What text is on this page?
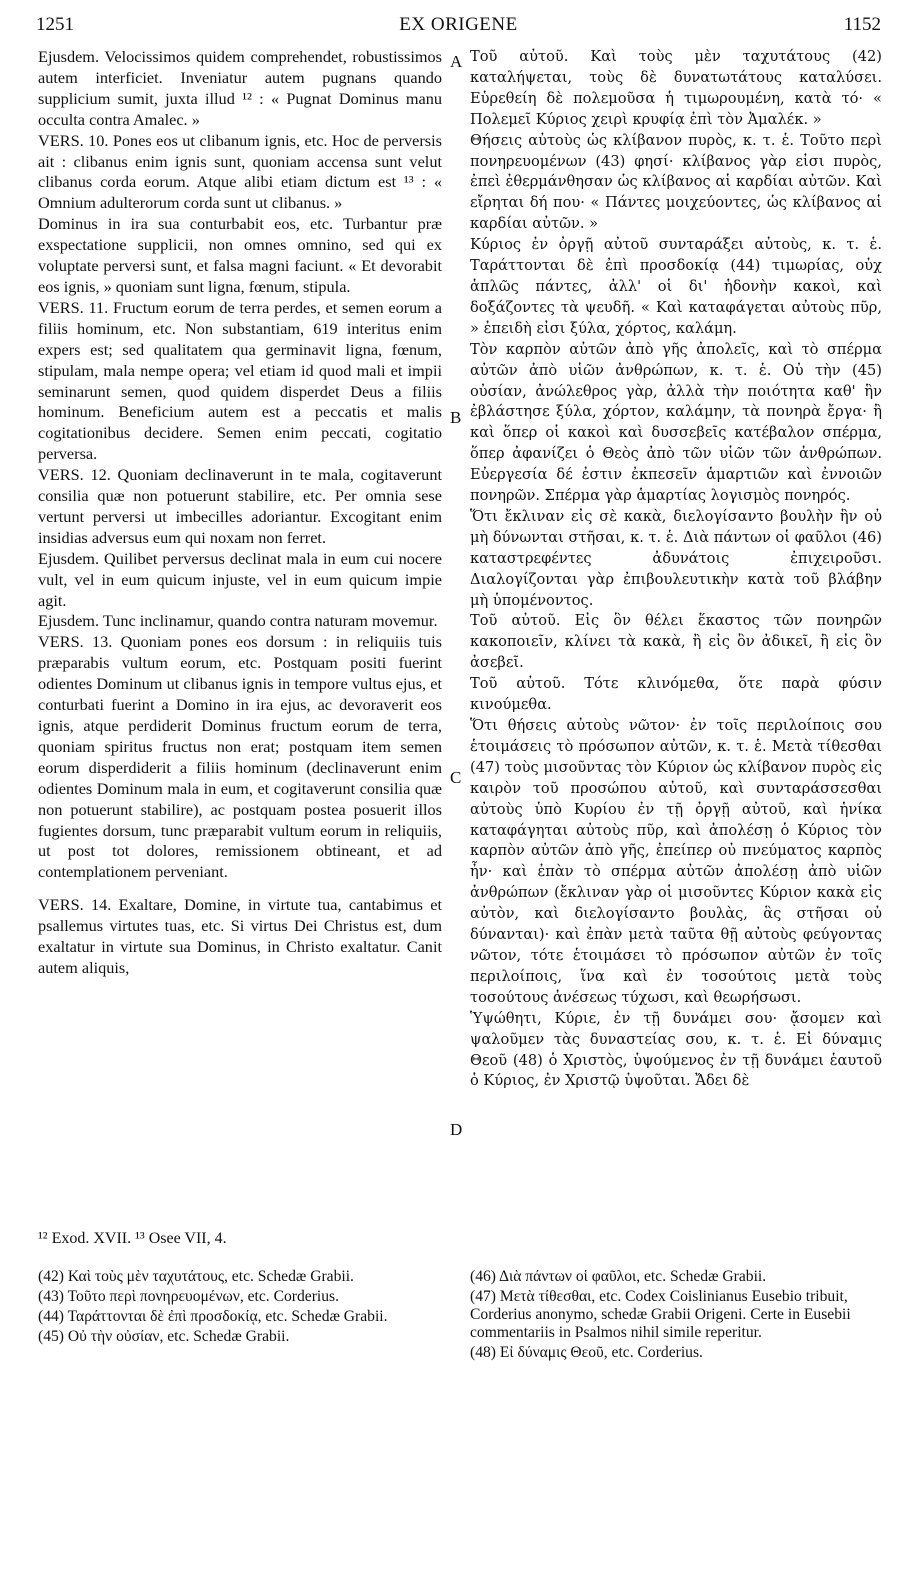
1251	EX ORIGENE	1152

Ejusdem. Velocissimos quidem comprehendet, robustissimos autem interficiet. Inveniatur autem pugnans quando supplicium sumit, juxta illud ¹² : « Pugnat Dominus manu occulta contra Amalec. »

VERS. 10. Pones eos ut clibanum ignis, etc. Hoc de perversis ait : clibanus enim ignis sunt, quoniam accensa sunt velut clibanus corda eorum. Atque alibi etiam dictum est ¹³ : « Omnium adulterorum corda sunt ut clibanus. »

Dominus in ira sua conturbabit eos, etc. Turbantur præ exspectatione supplicii, non omnes omnino, sed qui ex voluptate perversi sunt, et falsa magni faciunt. « Et devorabit eos ignis, » quoniam sunt ligna, fœnum, stipula.

VERS. 11. Fructum eorum de terra perdes, et semen eorum a filiis hominum, etc. Non substantiam, 619 interitus enim expers est; sed qualitatem qua germinavit ligna, fœnum, stipulam, mala nempe opera; vel etiam id quod mali et impii seminarunt semen, quod quidem disperdet Deus a filiis hominum. Beneficium autem est a peccatis et malis cogitationibus decidere. Semen enim peccati, cogitatio perversa.

VERS. 12. Quoniam declinaverunt in te mala, cogitaverunt consilia quæ non potuerunt stabilire, etc. Per omnia sese vertunt perversi ut imbecilles adoriantur. Excogitant enim insidias adversus eum qui noxam non ferret.

Ejusdem. Quilibet perversus declinat mala in eum cui nocere vult, vel in eum quicum injuste, vel in eum quicum impie agit.

Ejusdem. Tunc inclinamur, quando contra naturam movemur.

VERS. 13. Quoniam pones eos dorsum : in reliquiis tuis præparabis vultum eorum, etc. Postquam positi fuerint odientes Dominum ut clibanus ignis in tempore vultus ejus, et conturbati fuerint a Domino in ira ejus, ac devoraverit eos ignis, atque perdiderit Dominus fructum eorum de terra, quoniam spiritus fructus non erat; postquam item semen eorum disperdiderit a filiis hominum (declinaverunt enim odientes Dominum mala in eum, et cogitaverunt consilia quæ non potuerunt stabilire), ac postquam postea posuerit illos fugientes dorsum, tunc præparabit vultum eorum in reliquiis, ut post tot dolores, remissionem obtineant, et ad contemplationem perveniant.

VERS. 14. Exaltare, Domine, in virtute tua, cantabimus et psallemus virtutes tuas, etc. Si virtus Dei Christus est, dum exaltatur in virtute sua Dominus, in Christo exaltatur. Canit autem aliquis,

Τοῦ αὐτοῦ. Καὶ τοὺς μὲν ταχυτάτους (42) καταλήψεται, τοὺς δὲ δυνατωτάτους καταλύσει. Εὑρεθείη δὲ πολεμοῦσα ἡ τιμωρουμένη, κατὰ τό· « Πολεμεῖ Κύριος χειρὶ κρυφίᾳ ἐπὶ τὸν Ἀμαλέκ. »

Θήσεις αὐτοὺς ὡς κλίβανον πυρὸς, κ. τ. ἑ. Τοῦτο περὶ πονηρευομένων (43) φησί· κλίβανος γὰρ εἰσι πυρὸς, ἐπεὶ ἐθερμάνθησαν ὡς κλίβανος αἱ καρδίαι αὐτῶν. Καὶ εἴρηται δή που· « Πάντες μοιχεύοντες, ὡς κλίβανος αἱ καρδίαι αὐτῶν. »

Κύριος ἐν ὀργῇ αὐτοῦ συνταράξει αὐτοὺς, κ. τ. ἑ. Ταράττονται δὲ ἐπὶ προσδοκίᾳ (44) τιμωρίας, οὐχ ἁπλῶς πάντες, ἀλλ' οἱ δι' ἡδονὴν κακοὶ, καὶ δοξάζοντες τὰ ψευδῆ. « Καὶ καταφάγεται αὐτοὺς πῦρ, » ἐπειδὴ εἰσι ξύλα, χόρτος, καλάμη.

Τὸν καρπὸν αὐτῶν ἀπὸ γῆς ἀπολεῖς, καὶ τὸ σπέρμα αὐτῶν ἀπὸ υἱῶν ἀνθρώπων, κ. τ. ἑ. Οὐ τὴν (45) οὐσίαν, ἀνώλεθρος γὰρ, ἀλλὰ τὴν ποιότητα καθ' ἣν ἐβλάστησε ξύλα, χόρτον, καλάμην, τὰ πονηρὰ ἔργα· ἢ καὶ ὅπερ οἱ κακοὶ καὶ δυσσεβεῖς κατέβαλον σπέρμα, ὅπερ ἀφανίζει ὁ Θεὸς ἀπὸ τῶν υἱῶν τῶν ἀνθρώπων. Εὐεργεσία δέ ἐστιν ἐκπεσεῖν ἁμαρτιῶν καὶ ἐννοιῶν πονηρῶν. Σπέρμα γὰρ ἁμαρτίας λογισμὸς πονηρός.

Ὅτι ἔκλιναν εἰς σὲ κακὰ, διελογίσαντο βουλὴν ἣν οὐ μὴ δύνωνται στῆσαι, κ. τ. ἑ. Διὰ πάντων οἱ φαῦλοι (46) καταστρεφέντες ἀδυνάτοις ἐπιχειροῦσι. Διαλογίζονται γὰρ ἐπιβουλευτικὴν κατὰ τοῦ βλάβην μὴ ὑπομένοντος.

Τοῦ αὐτοῦ. Εἰς ὃν θέλει ἕκαστος τῶν πονηρῶν κακοποιεῖν, κλίνει τὰ κακὰ, ἢ εἰς ὃν ἀδικεῖ, ἢ εἰς ὃν ἀσεβεῖ.

Τοῦ αὐτοῦ. Τότε κλινόμεθα, ὅτε παρὰ φύσιν κινούμεθα.

Ὅτι θήσεις αὐτοὺς νῶτον· ἐν τοῖς περιλοίποις σου ἑτοιμάσεις τὸ πρόσωπον αὐτῶν, κ. τ. ἑ. Μετὰ τίθεσθαι (47) τοὺς μισοῦντας τὸν Κύριον ὡς κλίβανον πυρὸς εἰς καιρὸν τοῦ προσώπου αὐτοῦ, καὶ συνταράσσεσθαι αὐτοὺς ὑπὸ Κυρίου ἐν τῇ ὀργῇ αὐτοῦ, καὶ ἡνίκα καταφάγηται αὐτοὺς πῦρ, καὶ ἀπολέσῃ ὁ Κύριος τὸν καρπὸν αὐτῶν ἀπὸ γῆς, ἐπείπερ οὐ πνεύματος καρπὸς ἦν· καὶ ἐπὰν τὸ σπέρμα αὐτῶν ἀπολέσῃ ἀπὸ υἱῶν ἀνθρώπων (ἔκλιναν γὰρ οἱ μισοῦντες Κύριον κακὰ εἰς αὐτὸν, καὶ διελογίσαντο βουλὰς, ἃς στῆσαι οὐ δύνανται)· καὶ ἐπὰν μετὰ ταῦτα θῇ αὐτοὺς φεύγοντας νῶτον, τότε ἑτοιμάσει τὸ πρόσωπον αὐτῶν ἐν τοῖς περιλοίποις, ἵνα καὶ ἐν τοσούτοις μετὰ τοὺς τοσούτους ἀνέσεως τύχωσι, καὶ θεωρήσωσι.

Ὑψώθητι, Κύριε, ἐν τῇ δυνάμει σου· ᾄσομεν καὶ ψαλοῦμεν τὰς δυναστείας σου, κ. τ. ἑ. Εἰ δύναμις Θεοῦ (48) ὁ Χριστὸς, ὑψούμενος ἐν τῇ δυνάμει ἑαυτοῦ ὁ Κύριος, ἐν Χριστῷ ὑψοῦται. Ἄδει δὲ

A
B
C
D
¹² Exod. XVII. ¹³ Osee VII, 4.

(42) Καὶ τοὺς μὲν ταχυτάτους, etc. Schedæ Grabii.

(43) Τοῦτο περὶ πονηρευομένων, etc. Corderius.

(44) Ταράττονται δὲ ἐπὶ προσδοκίᾳ, etc. Schedæ Grabii.

(45) Οὐ τὴν οὐσίαν, etc. Schedæ Grabii.

(46) Διὰ πάντων οἱ φαῦλοι, etc. Schedæ Grabii.

(47) Μετὰ τίθεσθαι, etc. Codex Coislinianus Eusebio tribuit, Corderius anonymo, schedæ Grabii Origeni. Certe in Eusebii commentariis in Psalmos nihil simile reperitur.

(48) Εἰ δύναμις Θεοῦ, etc. Corderius.
